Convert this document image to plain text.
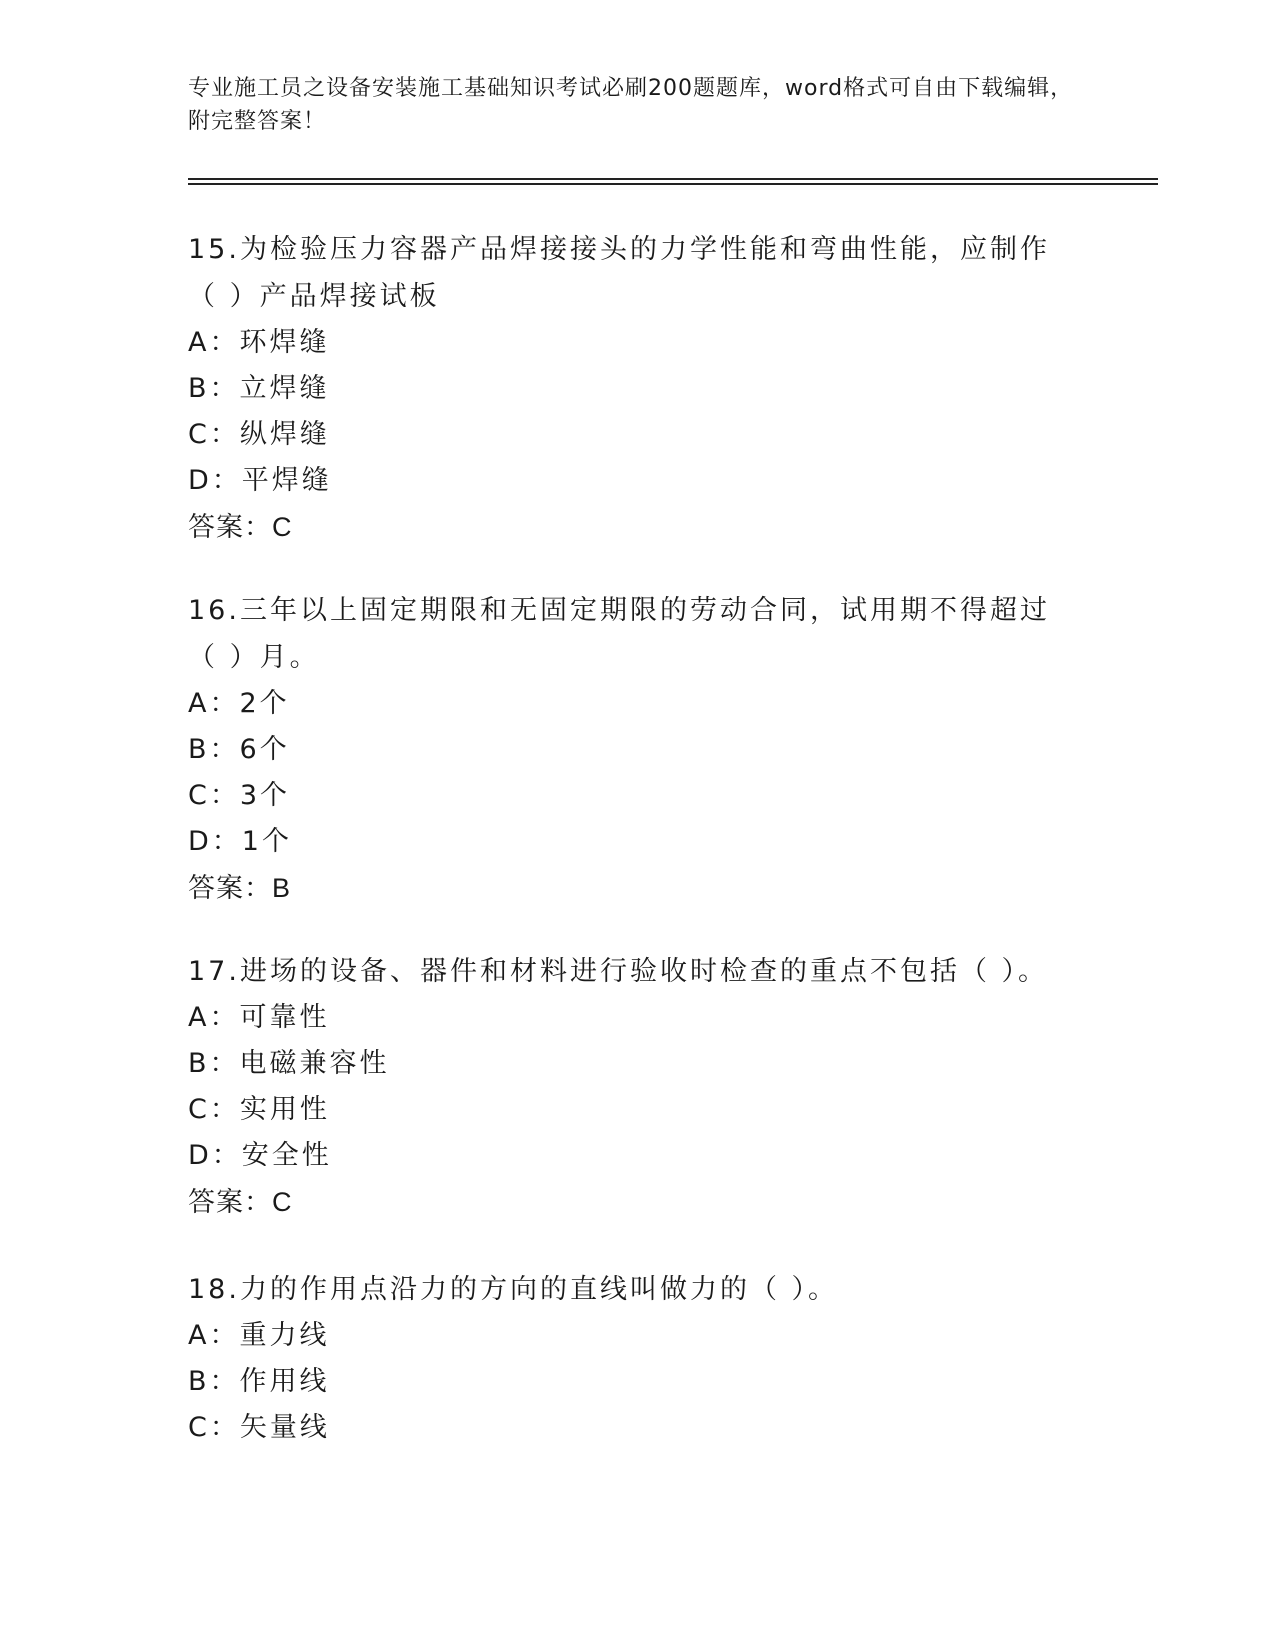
专业施工员之设备安装施工基础知识考试必刷200题题库，word格式可自由下载编辑，附完整答案！

15.为检验压力容器产品焊接接头的力学性能和弯曲性能，应制作（ ）产品焊接试板

A：环焊缝

B：立焊缝

C：纵焊缝

D：平焊缝

答案：C

16.三年以上固定期限和无固定期限的劳动合同，试用期不得超过（ ）月。

A：2个

B：6个

C：3个

D：1个

答案：B

17.进场的设备、器件和材料进行验收时检查的重点不包括（ ）。

A：可靠性

B：电磁兼容性

C：实用性

D：安全性

答案：C

18.力的作用点沿力的方向的直线叫做力的（ ）。

A：重力线

B：作用线

C：矢量线
